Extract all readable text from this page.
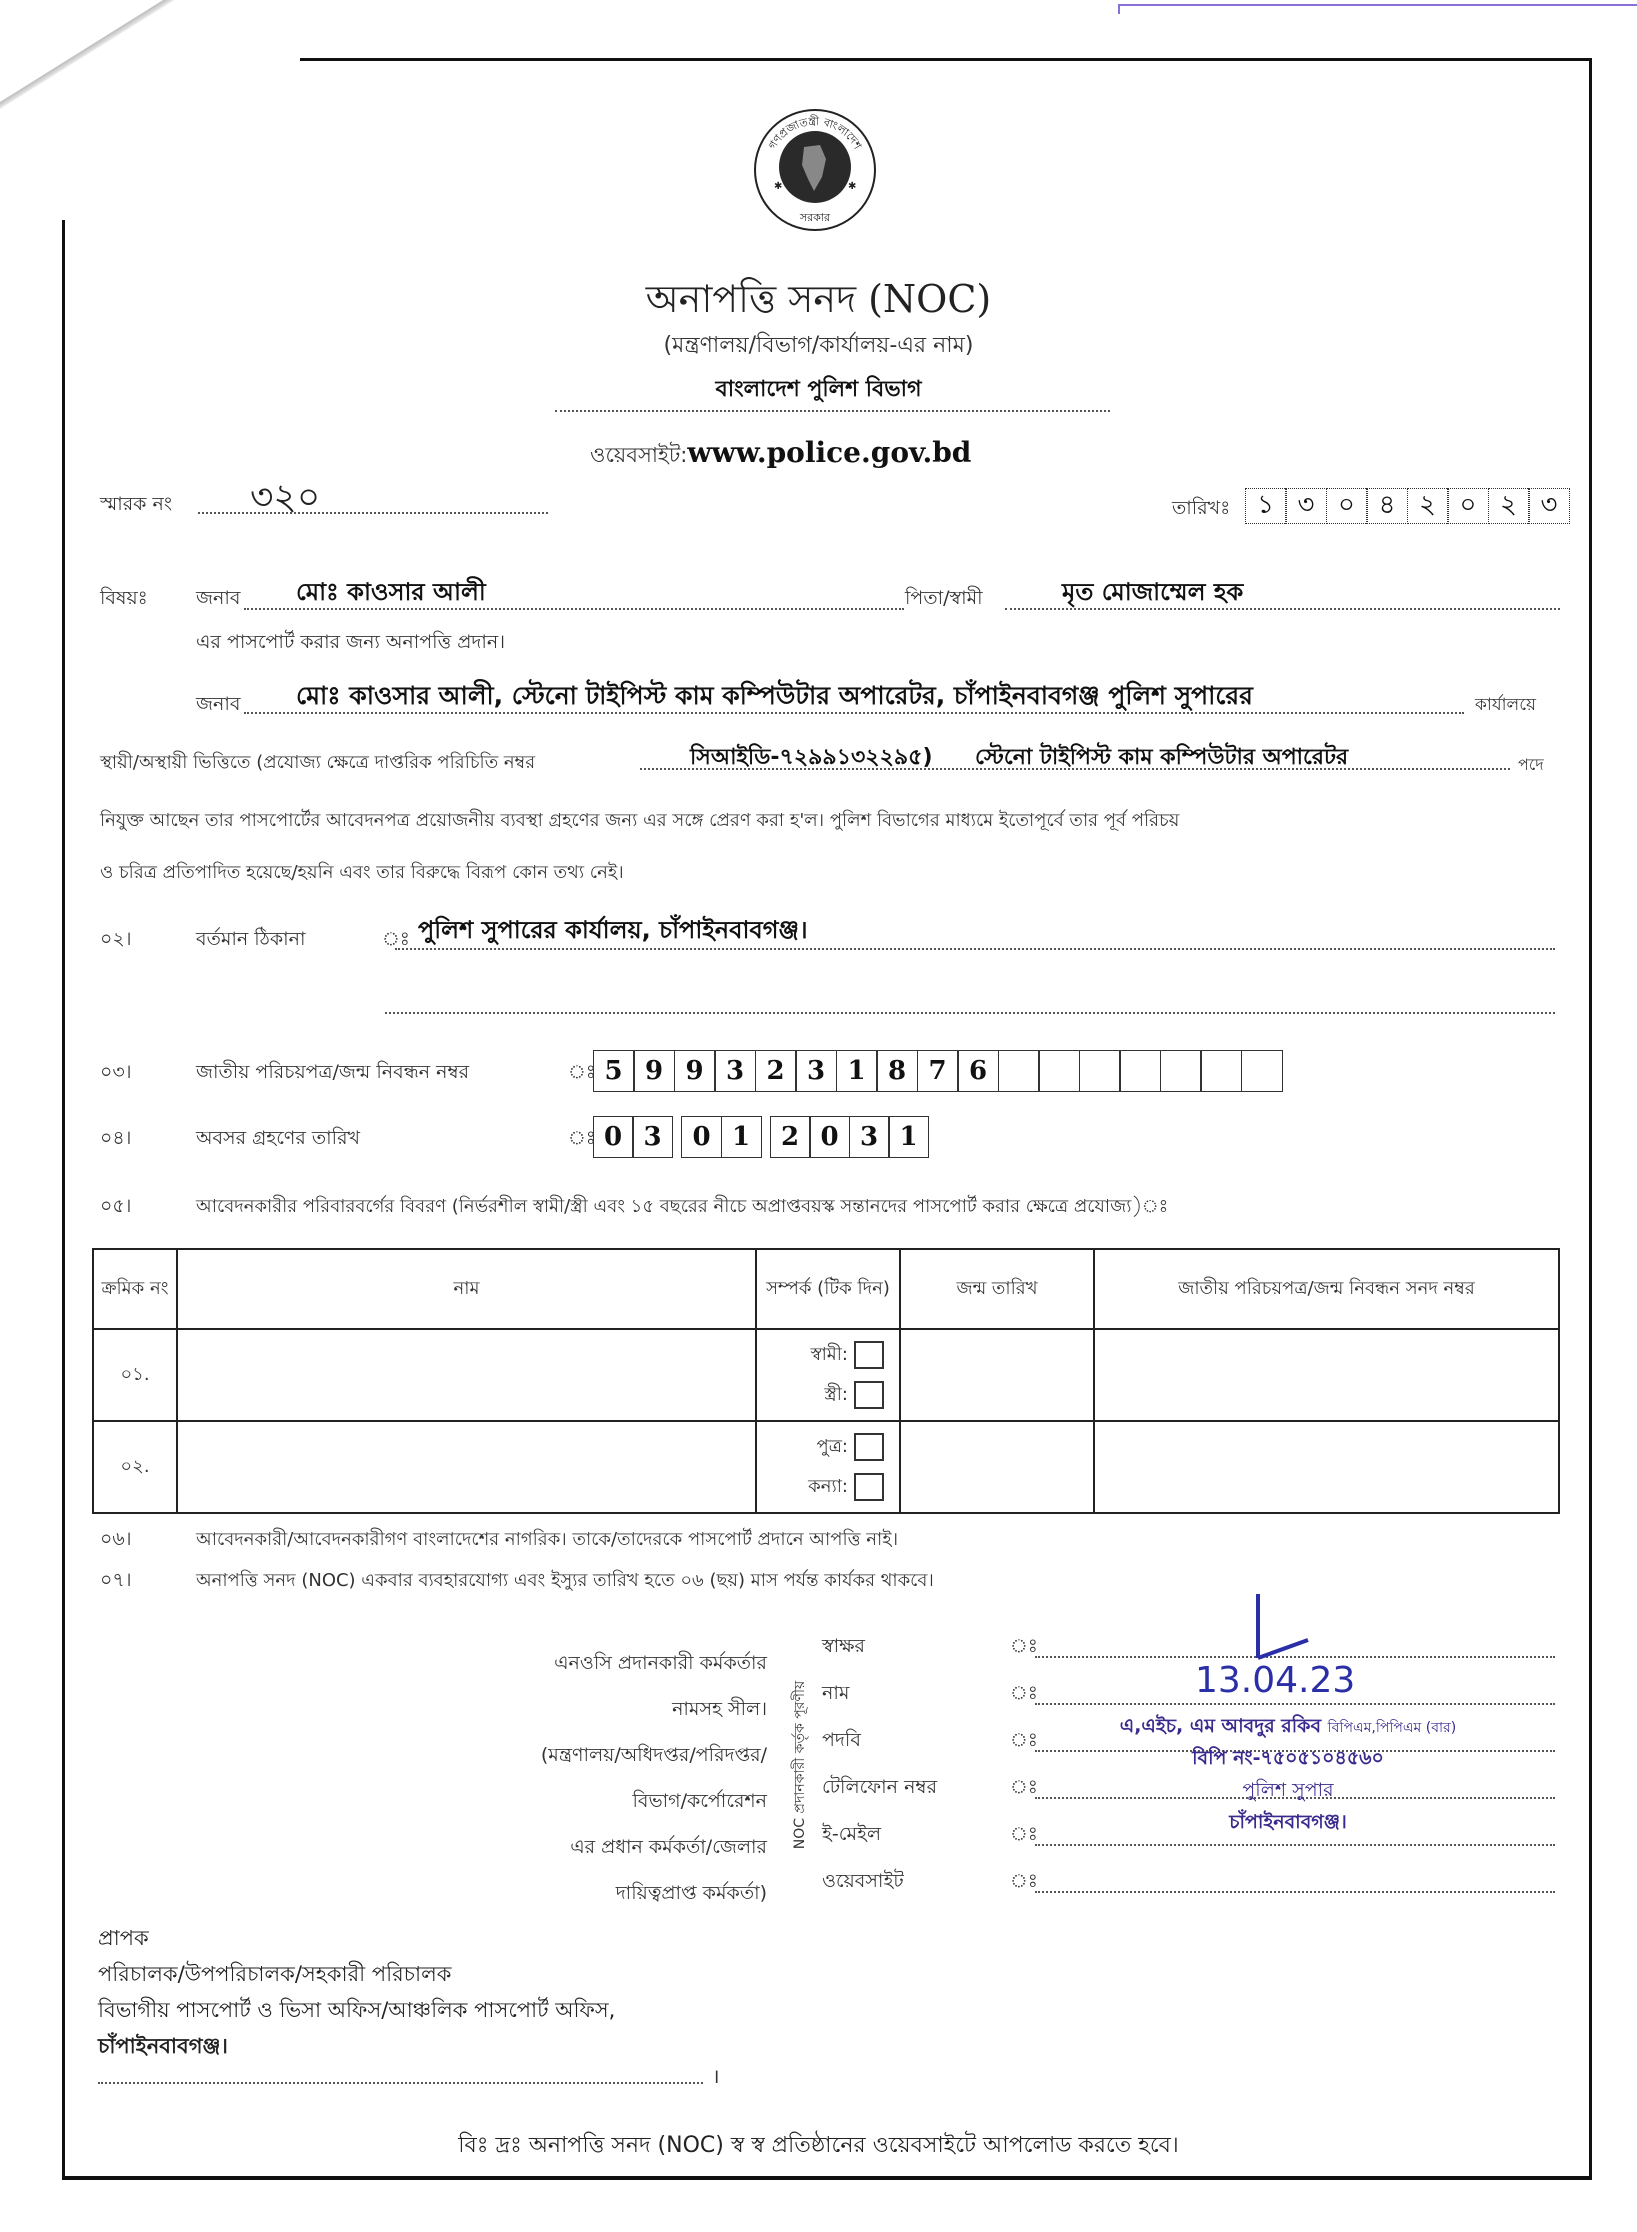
গণপ্রজাতন্ত্রী বাংলাদেশ
সরকার
✱	✱
অনাপত্তি সনদ (NOC)
(মন্ত্রণালয়/বিভাগ/কার্যালয়-এর নাম)
বাংলাদেশ পুলিশ বিভাগ
ওয়েবসাইট: www.police.gov.bd
স্মারক নং ৩২০	তারিখঃ	১ ৩ ০ ৪ ২ ০ ২ ৩
বিষয়ঃ	জনাব মোঃ কাওসার আলী	পিতা/স্বামী	মৃত মোজাম্মেল হক
এর পাসপোর্ট করার জন্য অনাপত্তি প্রদান।
জনাব মোঃ কাওসার আলী, স্টেনো টাইপিস্ট কাম কম্পিউটার অপারেটর, চাঁপাইনবাবগঞ্জ পুলিশ সুপারের	কার্যালয়ে
স্থায়ী/অস্থায়ী ভিত্তিতে (প্রযোজ্য ক্ষেত্রে দাপ্তরিক পরিচিতি নম্বর	সিআইডি-৭২৯৯১৩২২৯৫) স্টেনো টাইপিস্ট কাম কম্পিউটার অপারেটর	পদে
নিযুক্ত আছেন তার পাসপোর্টের আবেদনপত্র প্রয়োজনীয় ব্যবস্থা গ্রহণের জন্য এর সঙ্গে প্রেরণ করা হ'ল। পুলিশ বিভাগের মাধ্যমে ইতোপূর্বে তার পূর্ব পরিচয়
ও চরিত্র প্রতিপাদিত হয়েছে/হয়নি এবং তার বিরুদ্ধে বিরূপ কোন তথ্য নেই।
০২।	বর্তমান ঠিকানা	ঃ পুলিশ সুপারের কার্যালয়, চাঁপাইনবাবগঞ্জ।
০৩।	জাতীয় পরিচয়পত্র/জন্ম নিবন্ধন নম্বর	ঃ 5 9 9 3 2 3 1 8 7 6
০৪।	অবসর গ্রহণের তারিখ	ঃ 0 3	0 1	2 0 3 1
০৫।	আবেদনকারীর পরিবারবর্গের বিবরণ (নির্ভরশীল স্বামী/স্ত্রী এবং ১৫ বছরের নীচে অপ্রাপ্তবয়স্ক সন্তানদের পাসপোর্ট করার ক্ষেত্রে প্রযোজ্য)ঃ
ক্রমিক নং	নাম	সম্পর্ক (টিক দিন)	জন্ম তারিখ	জাতীয় পরিচয়পত্র/জন্ম নিবন্ধন সনদ নম্বর
০১.		স্বামী:
স্ত্রী:		

০২.		পুত্র:
কন্যা:		

০৬।	আবেদনকারী/আবেদনকারীগণ বাংলাদেশের নাগরিক। তাকে/তাদেরকে পাসপোর্ট প্রদানে আপত্তি নাই।
০৭।	অনাপত্তি সনদ (NOC) একবার ব্যবহারযোগ্য এবং ইস্যুর তারিখ হতে ০৬ (ছয়) মাস পর্যন্ত কার্যকর থাকবে।
এনওসি প্রদানকারী কর্মকর্তার
নামসহ সীল।
(মন্ত্রণালয়/অধিদপ্তর/পরিদপ্তর/
বিভাগ/কর্পোরেশন
এর প্রধান কর্মকর্তা/জেলার
দায়িত্বপ্রাপ্ত কর্মকর্তা)
NOC প্রদানকারী কর্তৃক পূরণীয়
স্বাক্ষর	ঃ
নাম	ঃ
পদবি	ঃ
টেলিফোন নম্বর	ঃ
ই-মেইল	ঃ
ওয়েবসাইট	ঃ
13.04.23
এ,এইচ, এম আবদুর রকিব বিপিএম,পিপিএম (বার)
বিপি নং-৭৫০৫১০৪৫৬০
পুলিশ সুপার
চাঁপাইনবাবগঞ্জ।
প্রাপক
পরিচালক/উপপরিচালক/সহকারী পরিচালক
বিভাগীয় পাসপোর্ট ও ভিসা অফিস/আঞ্চলিক পাসপোর্ট অফিস,
চাঁপাইনবাবগঞ্জ।
।
বিঃ দ্রঃ অনাপত্তি সনদ (NOC) স্ব স্ব প্রতিষ্ঠানের ওয়েবসাইটে আপলোড করতে হবে।
